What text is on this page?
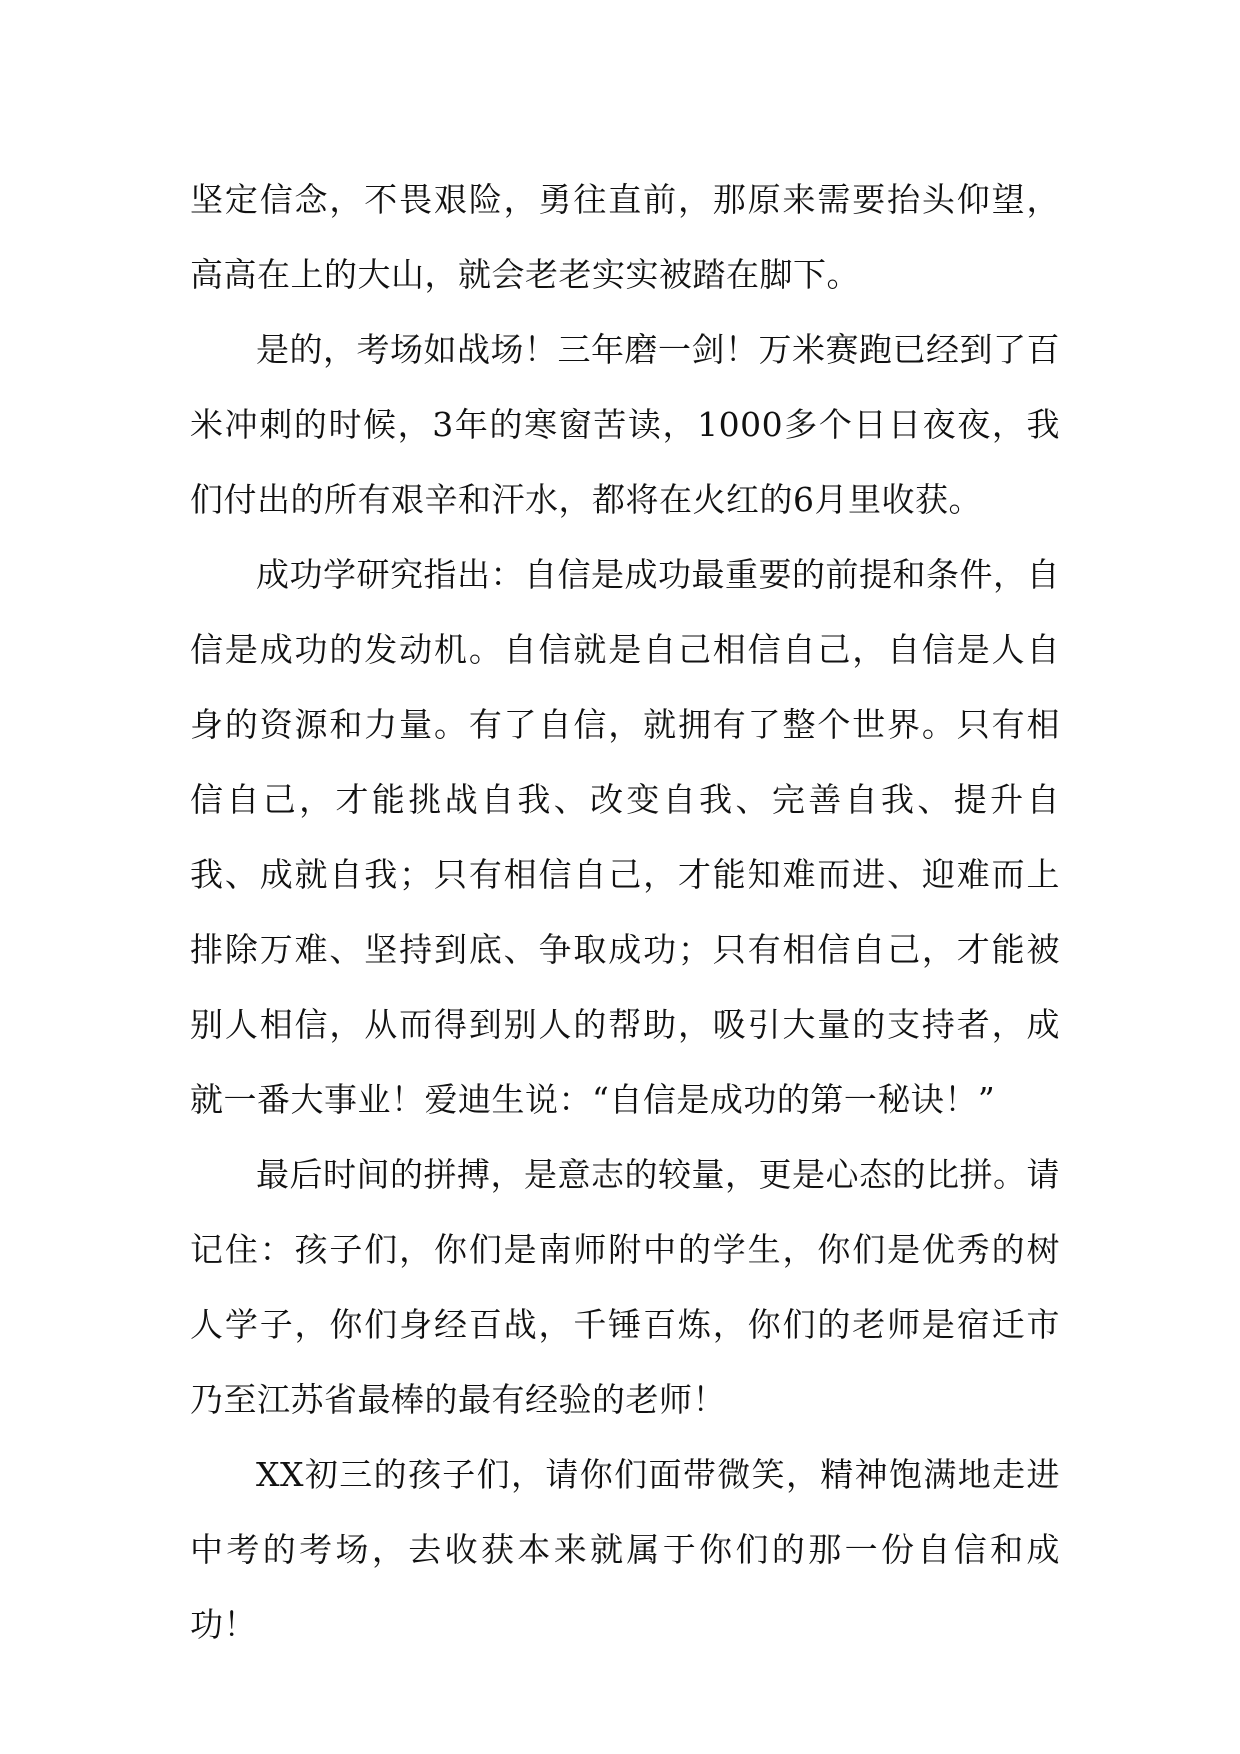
坚定信念，不畏艰险，勇往直前，那原来需要抬头仰望，高高在上的大山，就会老老实实被踏在脚下。

是的，考场如战场！三年磨一剑！万米赛跑已经到了百米冲刺的时候，3年的寒窗苦读，1000多个日日夜夜，我们付出的所有艰辛和汗水，都将在火红的6月里收获。

成功学研究指出：自信是成功最重要的前提和条件，自信是成功的发动机。自信就是自己相信自己，自信是人自身的资源和力量。有了自信，就拥有了整个世界。只有相信自己，才能挑战自我、改变自我、完善自我、提升自我、成就自我；只有相信自己，才能知难而进、迎难而上排除万难、坚持到底、争取成功；只有相信自己，才能被别人相信，从而得到别人的帮助，吸引大量的支持者，成就一番大事业！爱迪生说：“自信是成功的第一秘诀！”

最后时间的拼搏，是意志的较量，更是心态的比拼。请记住：孩子们，你们是南师附中的学生，你们是优秀的树人学子，你们身经百战，千锤百炼，你们的老师是宿迁市乃至江苏省最棒的最有经验的老师！

XX初三的孩子们，请你们面带微笑，精神饱满地走进中考的考场，去收获本来就属于你们的那一份自信和成功！
